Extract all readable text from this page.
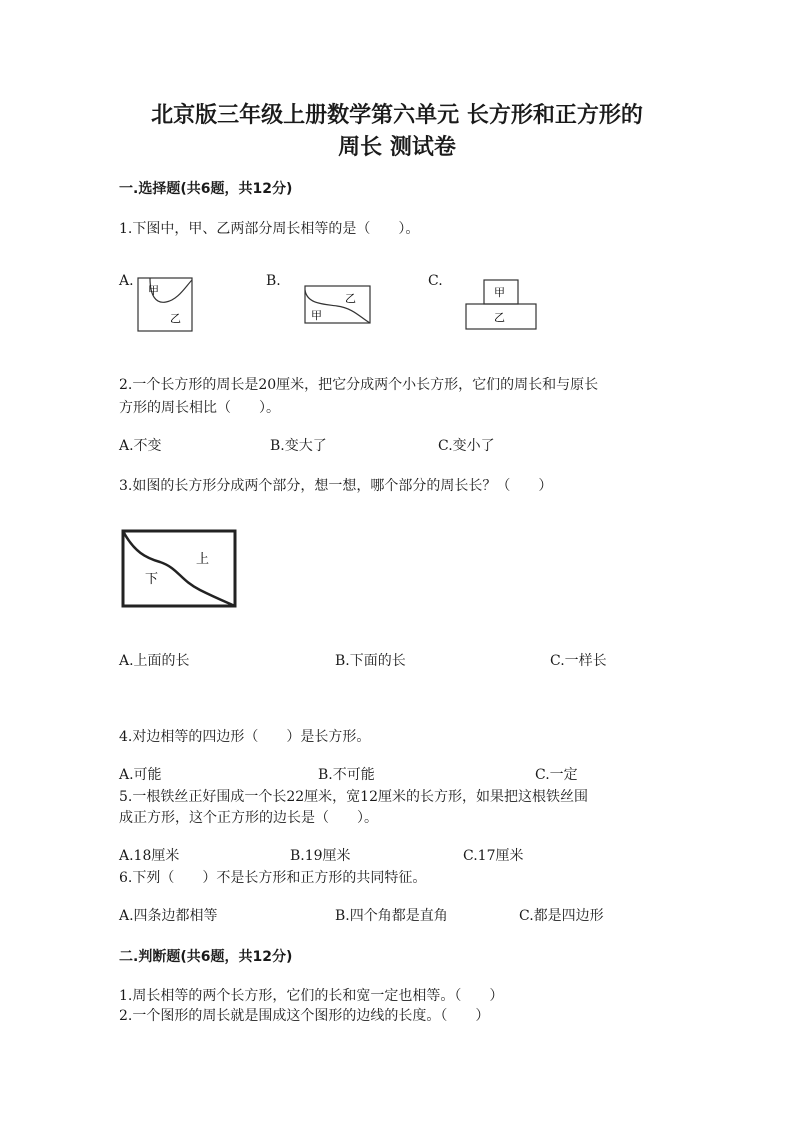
北京版三年级上册数学第六单元 长方形和正方形的
周长 测试卷
一.选择题(共6题，共12分)
1.下图中，甲、乙两部分周长相等的是（　　）。
A.	B.	C.
甲
乙
乙
甲
甲
乙
2.一个长方形的周长是20厘米，把它分成两个小长方形，它们的周长和与原长
方形的周长相比（　　）。
A.不变	B.变大了	C.变小了
3.如图的长方形分成两个部分，想一想，哪个部分的周长长？（　　）
上
下
A.上面的长	B.下面的长	C.一样长
4.对边相等的四边形（　　）是长方形。
A.可能	B.不可能	C.一定
5.一根铁丝正好围成一个长22厘米，宽12厘米的长方形，如果把这根铁丝围
成正方形，这个正方形的边长是（　　）。
A.18厘米	B.19厘米	C.17厘米
6.下列（　　）不是长方形和正方形的共同特征。
A.四条边都相等	B.四个角都是直角	C.都是四边形
二.判断题(共6题，共12分)
1.周长相等的两个长方形，它们的长和宽一定也相等。（　　）
2.一个图形的周长就是围成这个图形的边线的长度。（　　）
